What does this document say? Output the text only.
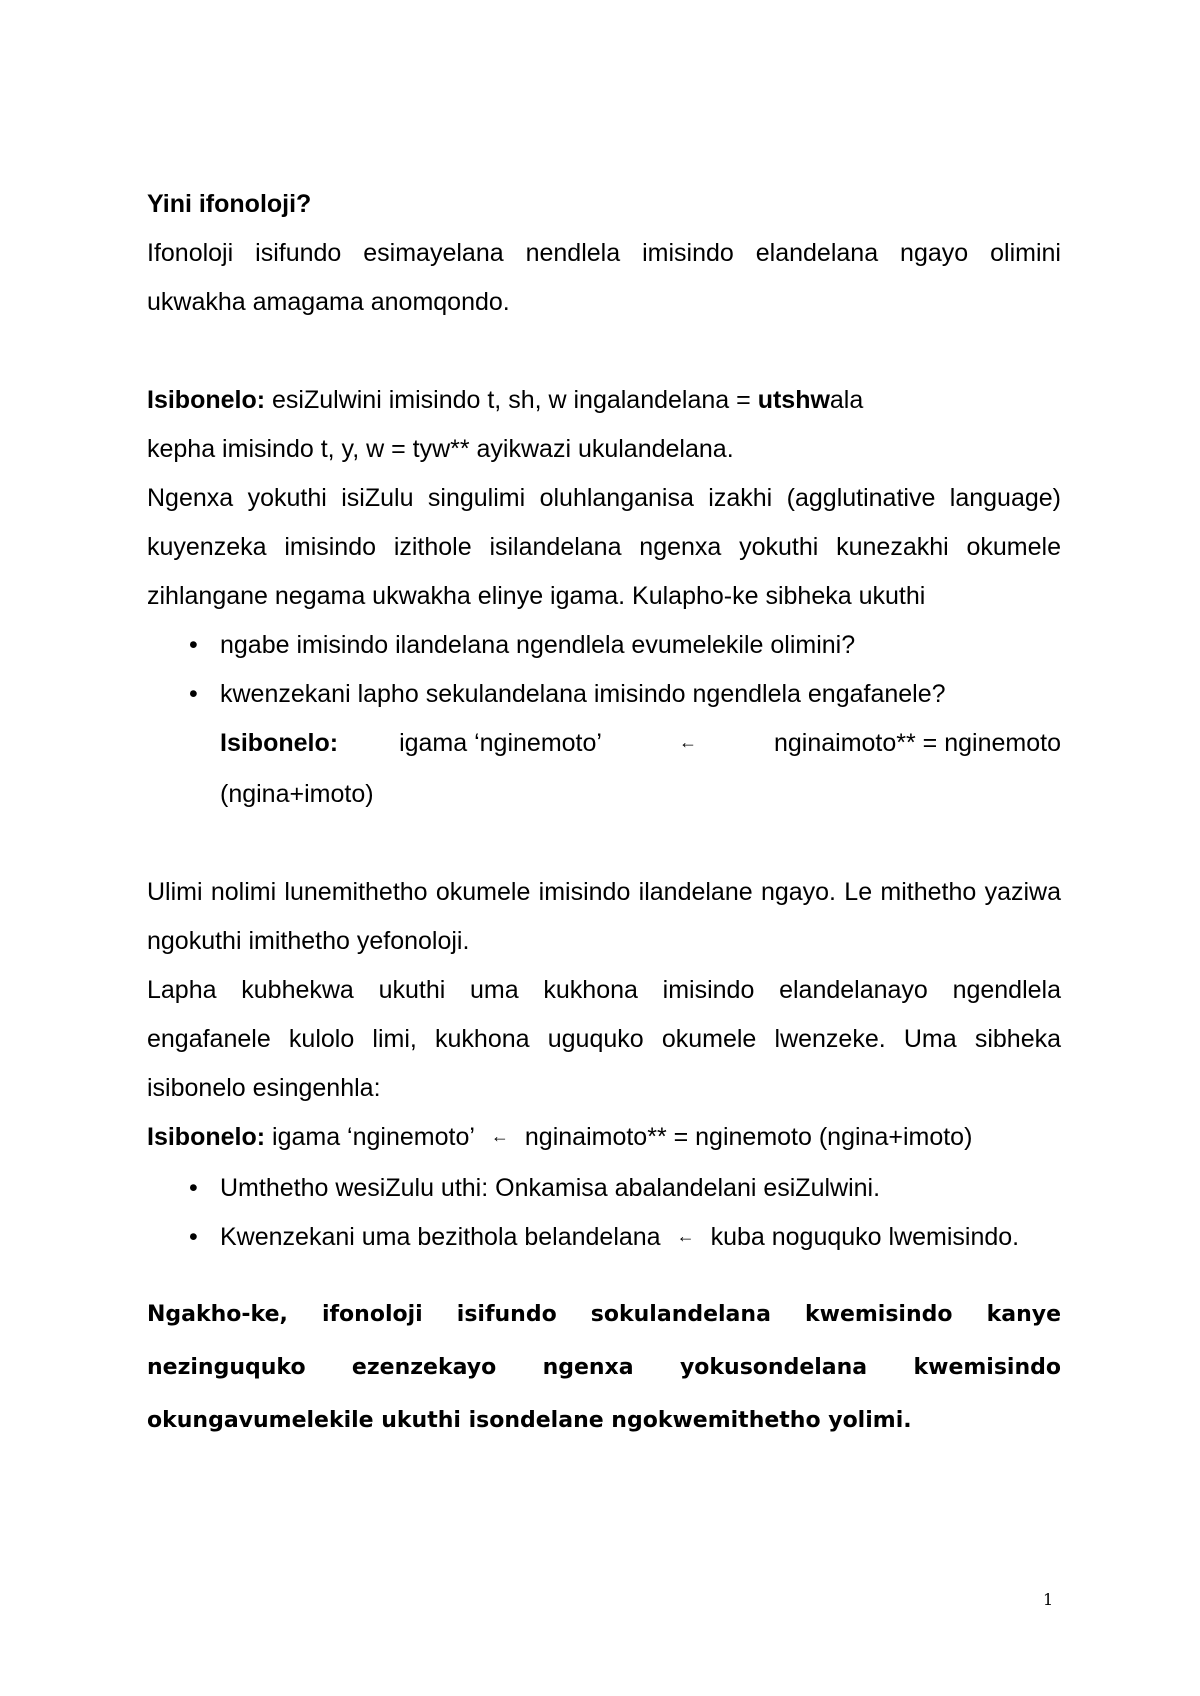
Yini ifonoloji?

Ifonoloji isifundo esimayelana nendlela imisindo elandelana ngayo olimini ukwakha amagama anomqondo.

Isibonelo: esiZulwini imisindo t, sh, w ingalandelana = utshwala

kepha imisindo t, y, w = tyw** ayikwazi ukulandelana.

Ngenxa yokuthi isiZulu singulimi oluhlanganisa izakhi (agglutinative language) kuyenzeka imisindo izithole isilandelana ngenxa yokuthi kunezakhi okumele zihlangane negama ukwakha elinye igama. Kulapho-ke sibheka ukuthi

• ngabe imisindo ilandelana ngendlela evumelekile olimini?
• kwenzekani lapho sekulandelana imisindo ngendlela engafanele?
Isibonelo: igama ‘nginemoto’	←	nginaimoto** = nginemoto

(ngina+imoto)

Ulimi nolimi lunemithetho okumele imisindo ilandelane ngayo. Le mithetho yaziwa ngokuthi imithetho yefonoloji.

Lapha kubhekwa ukuthi uma kukhona imisindo elandelanayo ngendlela engafanele kulolo limi, kukhona uguquko okumele lwenzeke. Uma sibheka isibonelo esingenhla:

Isibonelo: igama ‘nginemoto’ ← nginaimoto** = nginemoto (ngina+imoto)

• Umthetho wesiZulu uthi: Onkamisa abalandelani esiZulwini.
• Kwenzekani uma bezithola belandelana ← kuba noguquko lwemisindo.

Ngakho-ke, ifonoloji isifundo sokulandelana kwemisindo kanye nezinguquko ezenzekayo ngenxa yokusondelana kwemisindo okungavumelekile ukuthi isondelane ngokwemithetho yolimi.

1
